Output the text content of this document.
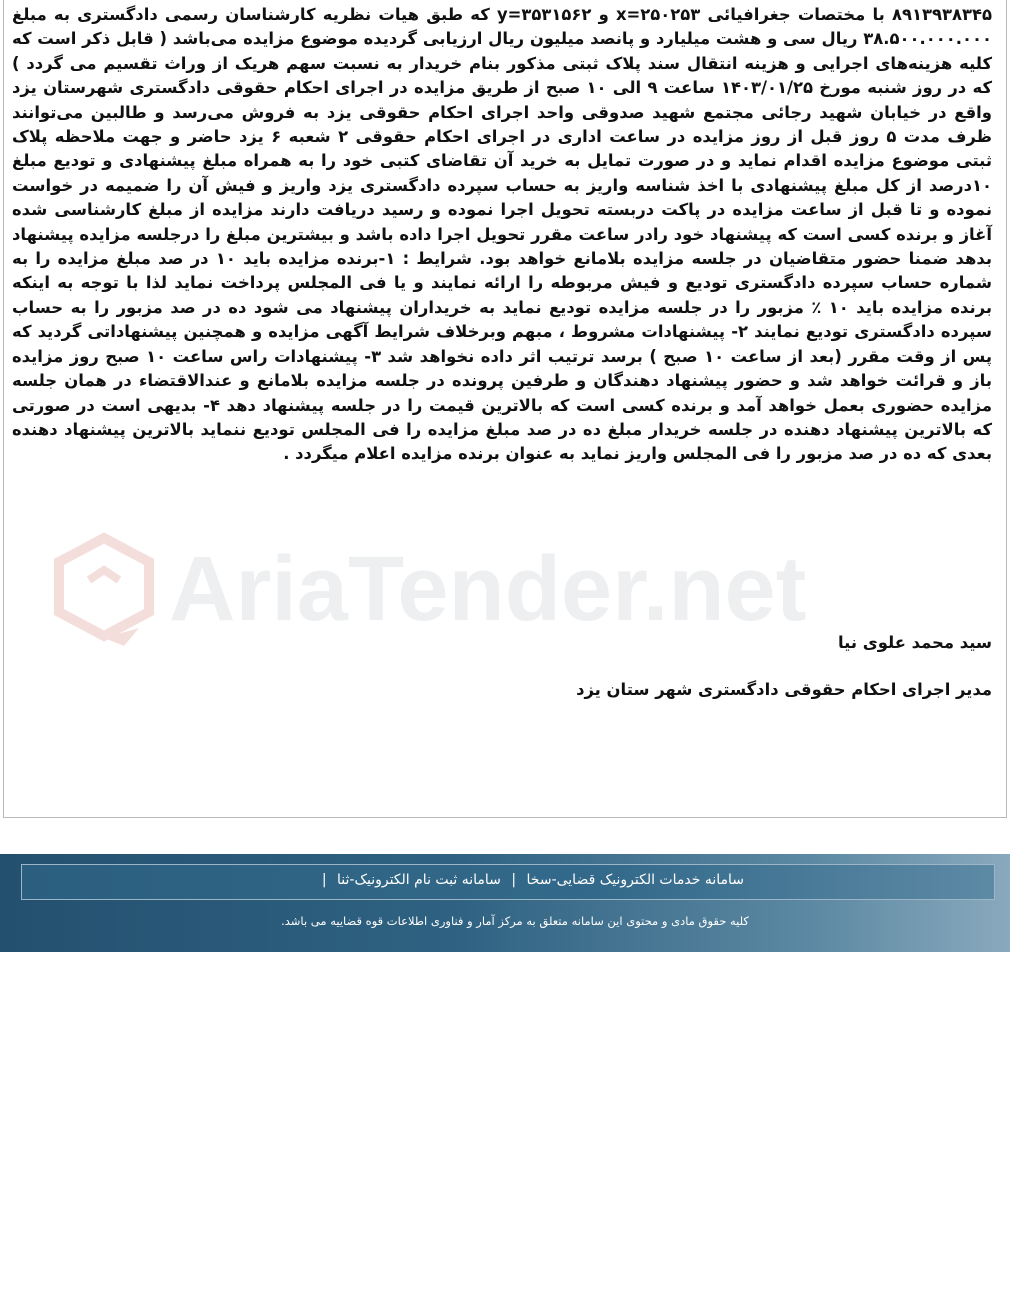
۸۹۱۳۹۳۸۳۴۵ با مختصات جغرافیائی x=۲۵۰۲۵۳ و y=۳۵۳۱۵۶۲ که طبق هیات نظریه کارشناسان رسمی دادگستری به مبلغ ۳۸.۵۰۰.۰۰۰.۰۰۰ ریال سی و هشت میلیارد و پانصد میلیون ریال ارزیابی گردیده موضوع مزایده می‌باشد ( قابل ذکر است که کلیه هزینه‌های اجرایی و هزینه انتقال سند پلاک ثبتی مذکور بنام خریدار به نسبت سهم هریک از وراث تقسیم می گردد ) که در روز شنبه مورخ ۱۴۰۳/۰۱/۲۵ ساعت ۹ الی ۱۰ صبح از طریق مزایده در اجرای احکام حقوقی دادگستری شهرستان یزد واقع در خیابان شهید رجائی مجتمع شهید صدوقی واحد اجرای احکام حقوقی یزد به فروش می‌رسد و طالبین می‌توانند ظرف مدت ۵ روز قبل از روز مزایده در ساعت اداری در اجرای احکام حقوقی ۲ شعبه ۶ یزد حاضر و جهت ملاحظه پلاک ثبتی موضوع مزایده اقدام نماید و در صورت تمایل به خرید آن تقاضای کتبی خود را به همراه مبلغ پیشنهادی و تودیع مبلغ ۱۰درصد از کل مبلغ پیشنهادی با اخذ شناسه واریز به حساب سپرده دادگستری یزد واریز و فیش آن را ضمیمه در خواست نموده و تا قبل از ساعت مزایده در پاکت دربسته تحویل اجرا نموده و رسید دریافت دارند مزایده از مبلغ کارشناسی شده آغاز و برنده کسی است که پیشنهاد خود رادر ساعت مقرر تحویل اجرا داده باشد و بیشترین مبلغ را درجلسه مزایده پیشنهاد بدهد ضمنا حضور متقاضیان در جلسه مزایده بلامانع خواهد بود. شرایط : ۱-برنده مزایده باید ۱۰ در صد مبلغ مزایده را به شماره حساب سپرده دادگستری تودیع و فیش مربوطه را ارائه نمایند و یا فی المجلس پرداخت نماید لذا با توجه به اینکه برنده مزایده باید ۱۰ ٪ مزبور را در جلسه مزایده تودیع نماید به خریداران پیشنهاد می شود ده در صد مزبور را به حساب سپرده دادگستری تودیع نمایند ۲- پیشنهادات مشروط ، مبهم وبرخلاف شرایط آگهی مزایده و همچنین پیشنهاداتی گردید که پس از وقت مقرر (بعد از ساعت ۱۰ صبح ) برسد ترتیب اثر داده نخواهد شد ۳- پیشنهادات راس ساعت ۱۰ صبح روز مزایده باز و قرائت خواهد شد و حضور پیشنهاد دهندگان و طرفین پرونده در جلسه مزایده بلامانع و عندالاقتضاء در همان جلسه مزایده حضوری بعمل خواهد آمد و برنده کسی است که بالاترین قیمت را در جلسه پیشنهاد دهد ۴- بدیهی است در صورتی که بالاترین پیشنهاد دهنده در جلسه خریدار مبلغ ده در صد مبلغ مزایده را فی المجلس تودیع ننماید بالاترین پیشنهاد دهنده بعدی که ده در صد مزبور را فی المجلس واریز نماید به عنوان برنده مزایده اعلام میگردد .

AriaTender.net
سید محمد علوی نیا
مدیر اجرای احکام حقوقی دادگستری شهر ستان یزد
سامانه خدمات الکترونیک قضایی-سخا | سامانه ثبت نام الکترونیک-ثنا |
کلیه حقوق مادی و محتوی این سامانه متعلق به مرکز آمار و فناوری اطلاعات قوه قضاییه می باشد.
